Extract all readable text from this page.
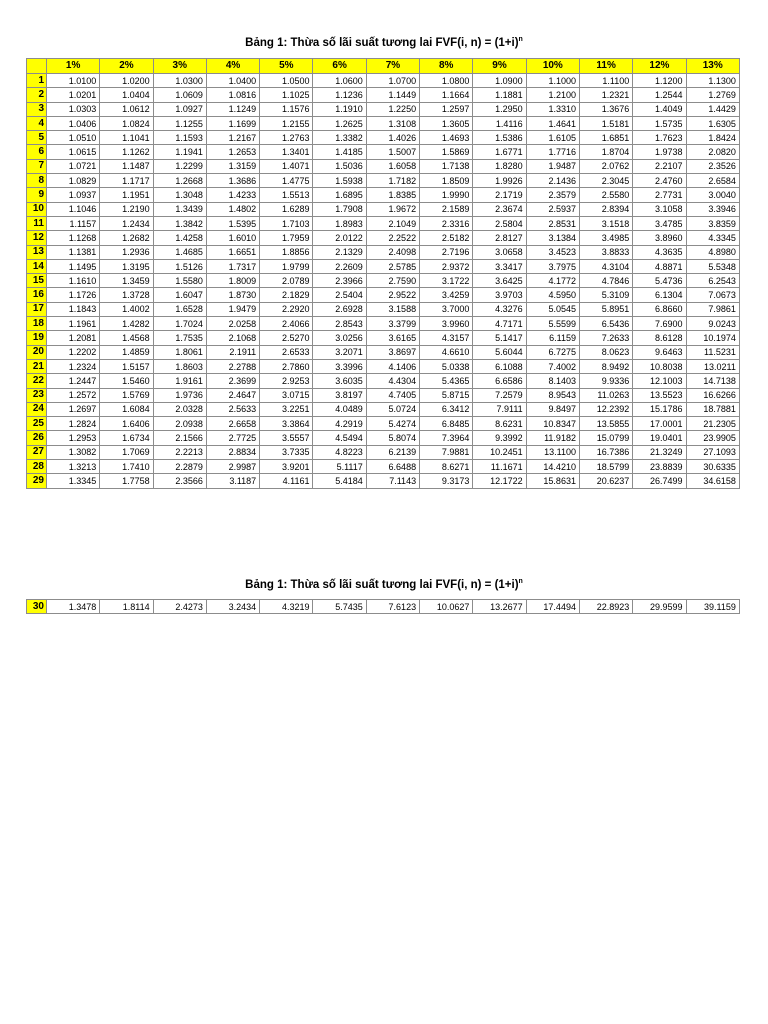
Bảng 1: Thừa số lãi suất tương lai FVF(i, $n) = (1+i)^n$
	1%	2%	3%	4%	5%	6%	7%	8%	9%	10%	11%	12%	13%
1	1.0100	1.0200	1.0300	1.0400	1.0500	1.0600	1.0700	1.0800	1.0900	1.1000	1.1100	1.1200	1.1300
2	1.0201	1.0404	1.0609	1.0816	1.1025	1.1236	1.1449	1.1664	1.1881	1.2100	1.2321	1.2544	1.2769
3	1.0303	1.0612	1.0927	1.1249	1.1576	1.1910	1.2250	1.2597	1.2950	1.3310	1.3676	1.4049	1.4429
4	1.0406	1.0824	1.1255	1.1699	1.2155	1.2625	1.3108	1.3605	1.4116	1.4641	1.5181	1.5735	1.6305
5	1.0510	1.1041	1.1593	1.2167	1.2763	1.3382	1.4026	1.4693	1.5386	1.6105	1.6851	1.7623	1.8424
6	1.0615	1.1262	1.1941	1.2653	1.3401	1.4185	1.5007	1.5869	1.6771	1.7716	1.8704	1.9738	2.0820
7	1.0721	1.1487	1.2299	1.3159	1.4071	1.5036	1.6058	1.7138	1.8280	1.9487	2.0762	2.2107	2.3526
8	1.0829	1.1717	1.2668	1.3686	1.4775	1.5938	1.7182	1.8509	1.9926	2.1436	2.3045	2.4760	2.6584
9	1.0937	1.1951	1.3048	1.4233	1.5513	1.6895	1.8385	1.9990	2.1719	2.3579	2.5580	2.7731	3.0040
10	1.1046	1.2190	1.3439	1.4802	1.6289	1.7908	1.9672	2.1589	2.3674	2.5937	2.8394	3.1058	3.3946
11	1.1157	1.2434	1.3842	1.5395	1.7103	1.8983	2.1049	2.3316	2.5804	2.8531	3.1518	3.4785	3.8359
12	1.1268	1.2682	1.4258	1.6010	1.7959	2.0122	2.2522	2.5182	2.8127	3.1384	3.4985	3.8960	4.3345
13	1.1381	1.2936	1.4685	1.6651	1.8856	2.1329	2.4098	2.7196	3.0658	3.4523	3.8833	4.3635	4.8980
14	1.1495	1.3195	1.5126	1.7317	1.9799	2.2609	2.5785	2.9372	3.3417	3.7975	4.3104	4.8871	5.5348
15	1.1610	1.3459	1.5580	1.8009	2.0789	2.3966	2.7590	3.1722	3.6425	4.1772	4.7846	5.4736	6.2543
16	1.1726	1.3728	1.6047	1.8730	2.1829	2.5404	2.9522	3.4259	3.9703	4.5950	5.3109	6.1304	7.0673
17	1.1843	1.4002	1.6528	1.9479	2.2920	2.6928	3.1588	3.7000	4.3276	5.0545	5.8951	6.8660	7.9861
18	1.1961	1.4282	1.7024	2.0258	2.4066	2.8543	3.3799	3.9960	4.7171	5.5599	6.5436	7.6900	9.0243
19	1.2081	1.4568	1.7535	2.1068	2.5270	3.0256	3.6165	4.3157	5.1417	6.1159	7.2633	8.6128	10.1974
20	1.2202	1.4859	1.8061	2.1911	2.6533	3.2071	3.8697	4.6610	5.6044	6.7275	8.0623	9.6463	11.5231
21	1.2324	1.5157	1.8603	2.2788	2.7860	3.3996	4.1406	5.0338	6.1088	7.4002	8.9492	10.8038	13.0211
22	1.2447	1.5460	1.9161	2.3699	2.9253	3.6035	4.4304	5.4365	6.6586	8.1403	9.9336	12.1003	14.7138
23	1.2572	1.5769	1.9736	2.4647	3.0715	3.8197	4.7405	5.8715	7.2579	8.9543	11.0263	13.5523	16.6266
24	1.2697	1.6084	2.0328	2.5633	3.2251	4.0489	5.0724	6.3412	7.9111	9.8497	12.2392	15.1786	18.7881
25	1.2824	1.6406	2.0938	2.6658	3.3864	4.2919	5.4274	6.8485	8.6231	10.8347	13.5855	17.0001	21.2305
26	1.2953	1.6734	2.1566	2.7725	3.5557	4.5494	5.8074	7.3964	9.3992	11.9182	15.0799	19.0401	23.9905
27	1.3082	1.7069	2.2213	2.8834	3.7335	4.8223	6.2139	7.9881	10.2451	13.1100	16.7386	21.3249	27.1093
28	1.3213	1.7410	2.2879	2.9987	3.9201	5.1117	6.6488	8.6271	11.1671	14.4210	18.5799	23.8839	30.6335
29	1.3345	1.7758	2.3566	3.1187	4.1161	5.4184	7.1143	9.3173	12.1722	15.8631	20.6237	26.7499	34.6158
Bảng 1: Thừa số lãi suất tương lai FVF(i, $n) = (1+i)^n$
30	1.3478	1.8114	2.4273	3.2434	4.3219	5.7435	7.6123	10.0627	13.2677	17.4494	22.8923	29.9599	39.1159
